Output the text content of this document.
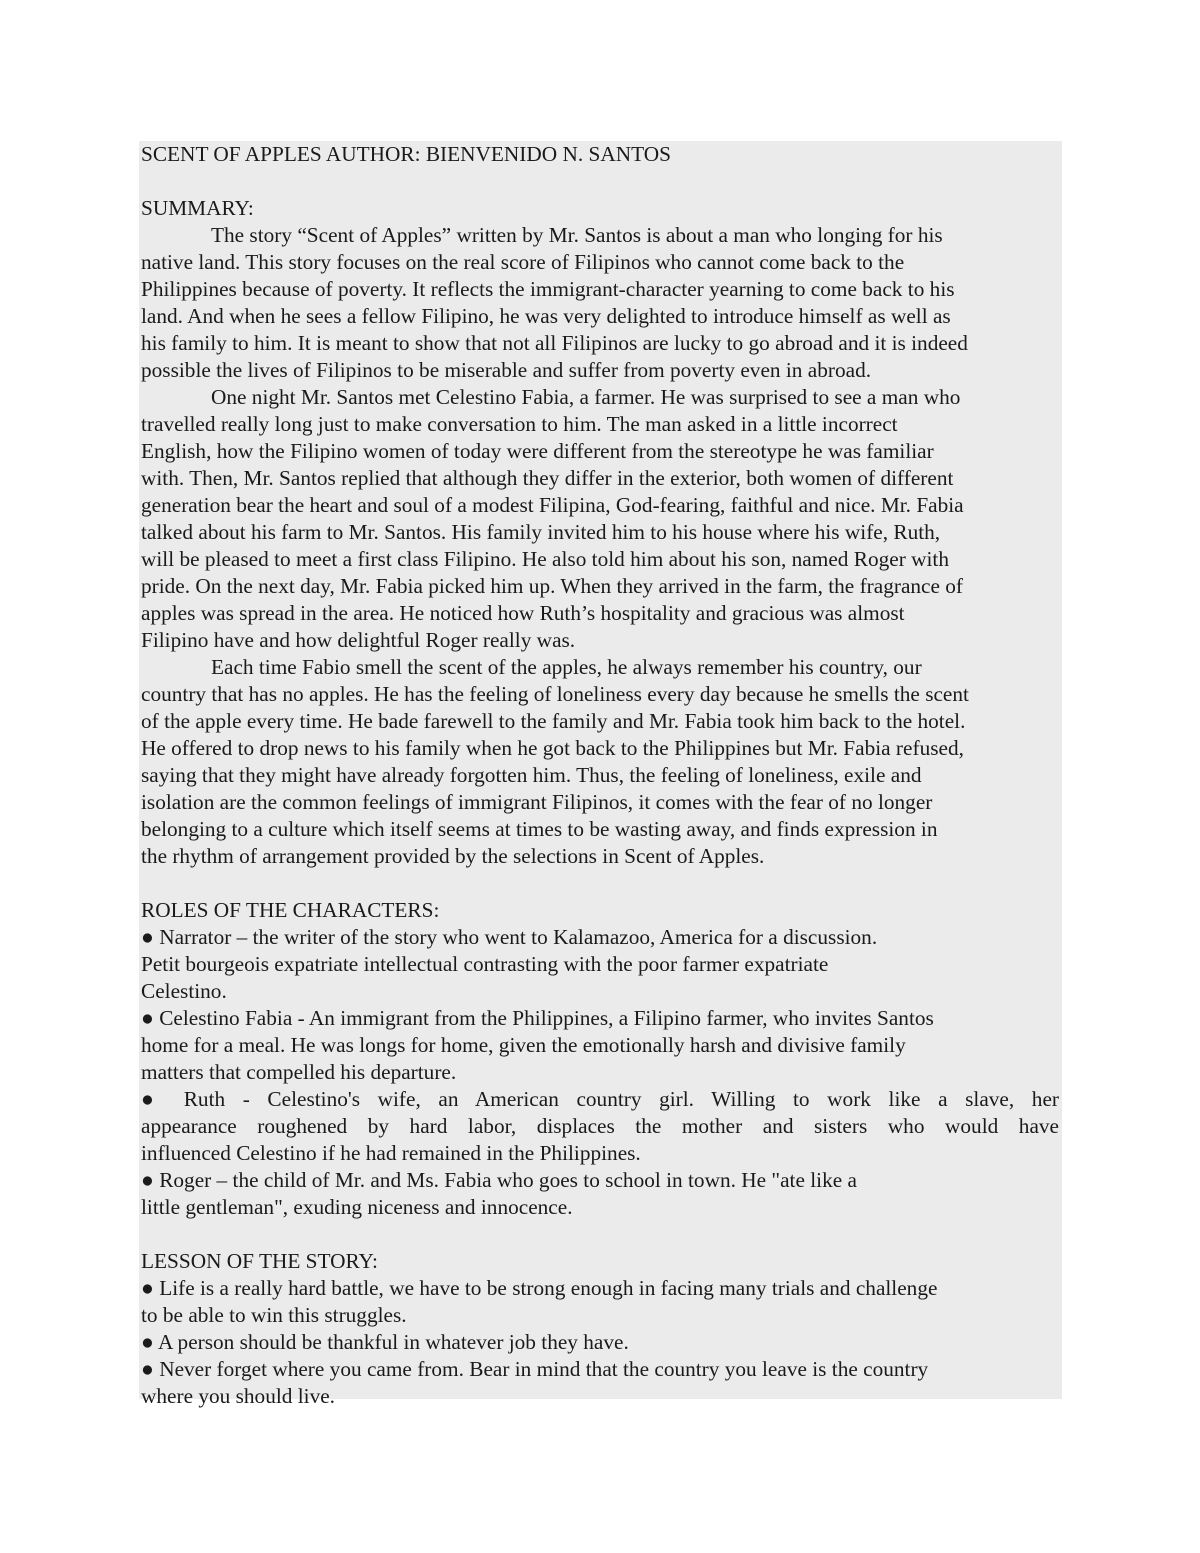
SCENT OF APPLES AUTHOR: BIENVENIDO N. SANTOS
SUMMARY:
The story “Scent of Apples” written by Mr. Santos is about a man who longing for his
native land. This story focuses on the real score of Filipinos who cannot come back to the
Philippines because of poverty. It reflects the immigrant-character yearning to come back to his
land. And when he sees a fellow Filipino, he was very delighted to introduce himself as well as
his family to him. It is meant to show that not all Filipinos are lucky to go abroad and it is indeed
possible the lives of Filipinos to be miserable and suffer from poverty even in abroad.
One night Mr. Santos met Celestino Fabia, a farmer. He was surprised to see a man who
travelled really long just to make conversation to him. The man asked in a little incorrect
English, how the Filipino women of today were different from the stereotype he was familiar
with. Then, Mr. Santos replied that although they differ in the exterior, both women of different
generation bear the heart and soul of a modest Filipina, God-fearing, faithful and nice. Mr. Fabia
talked about his farm to Mr. Santos. His family invited him to his house where his wife, Ruth,
will be pleased to meet a first class Filipino. He also told him about his son, named Roger with
pride. On the next day, Mr. Fabia picked him up. When they arrived in the farm, the fragrance of
apples was spread in the area. He noticed how Ruth’s hospitality and gracious was almost
Filipino have and how delightful Roger really was.
Each time Fabio smell the scent of the apples, he always remember his country, our
country that has no apples. He has the feeling of loneliness every day because he smells the scent
of the apple every time. He bade farewell to the family and Mr. Fabia took him back to the hotel.
He offered to drop news to his family when he got back to the Philippines but Mr. Fabia refused,
saying that they might have already forgotten him. Thus, the feeling of loneliness, exile and
isolation are the common feelings of immigrant Filipinos, it comes with the fear of no longer
belonging to a culture which itself seems at times to be wasting away, and finds expression in
the rhythm of arrangement provided by the selections in Scent of Apples.
ROLES OF THE CHARACTERS:
● Narrator – the writer of the story who went to Kalamazoo, America for a discussion.
Petit bourgeois expatriate intellectual contrasting with the poor farmer expatriate
Celestino.
● Celestino Fabia - An immigrant from the Philippines, a Filipino farmer, who invites Santos
home for a meal. He was longs for home, given the emotionally harsh and divisive family
matters that compelled his departure.
● Ruth - Celestino's wife, an American country girl. Willing to work like a slave, her
appearance roughened by hard labor, displaces the mother and sisters who would have
influenced Celestino if he had remained in the Philippines.
● Roger – the child of Mr. and Ms. Fabia who goes to school in town. He "ate like a
little gentleman", exuding niceness and innocence.
LESSON OF THE STORY:
● Life is a really hard battle, we have to be strong enough in facing many trials and challenge
to be able to win this struggles.
● A person should be thankful in whatever job they have.
● Never forget where you came from. Bear in mind that the country you leave is the country
where you should live.
